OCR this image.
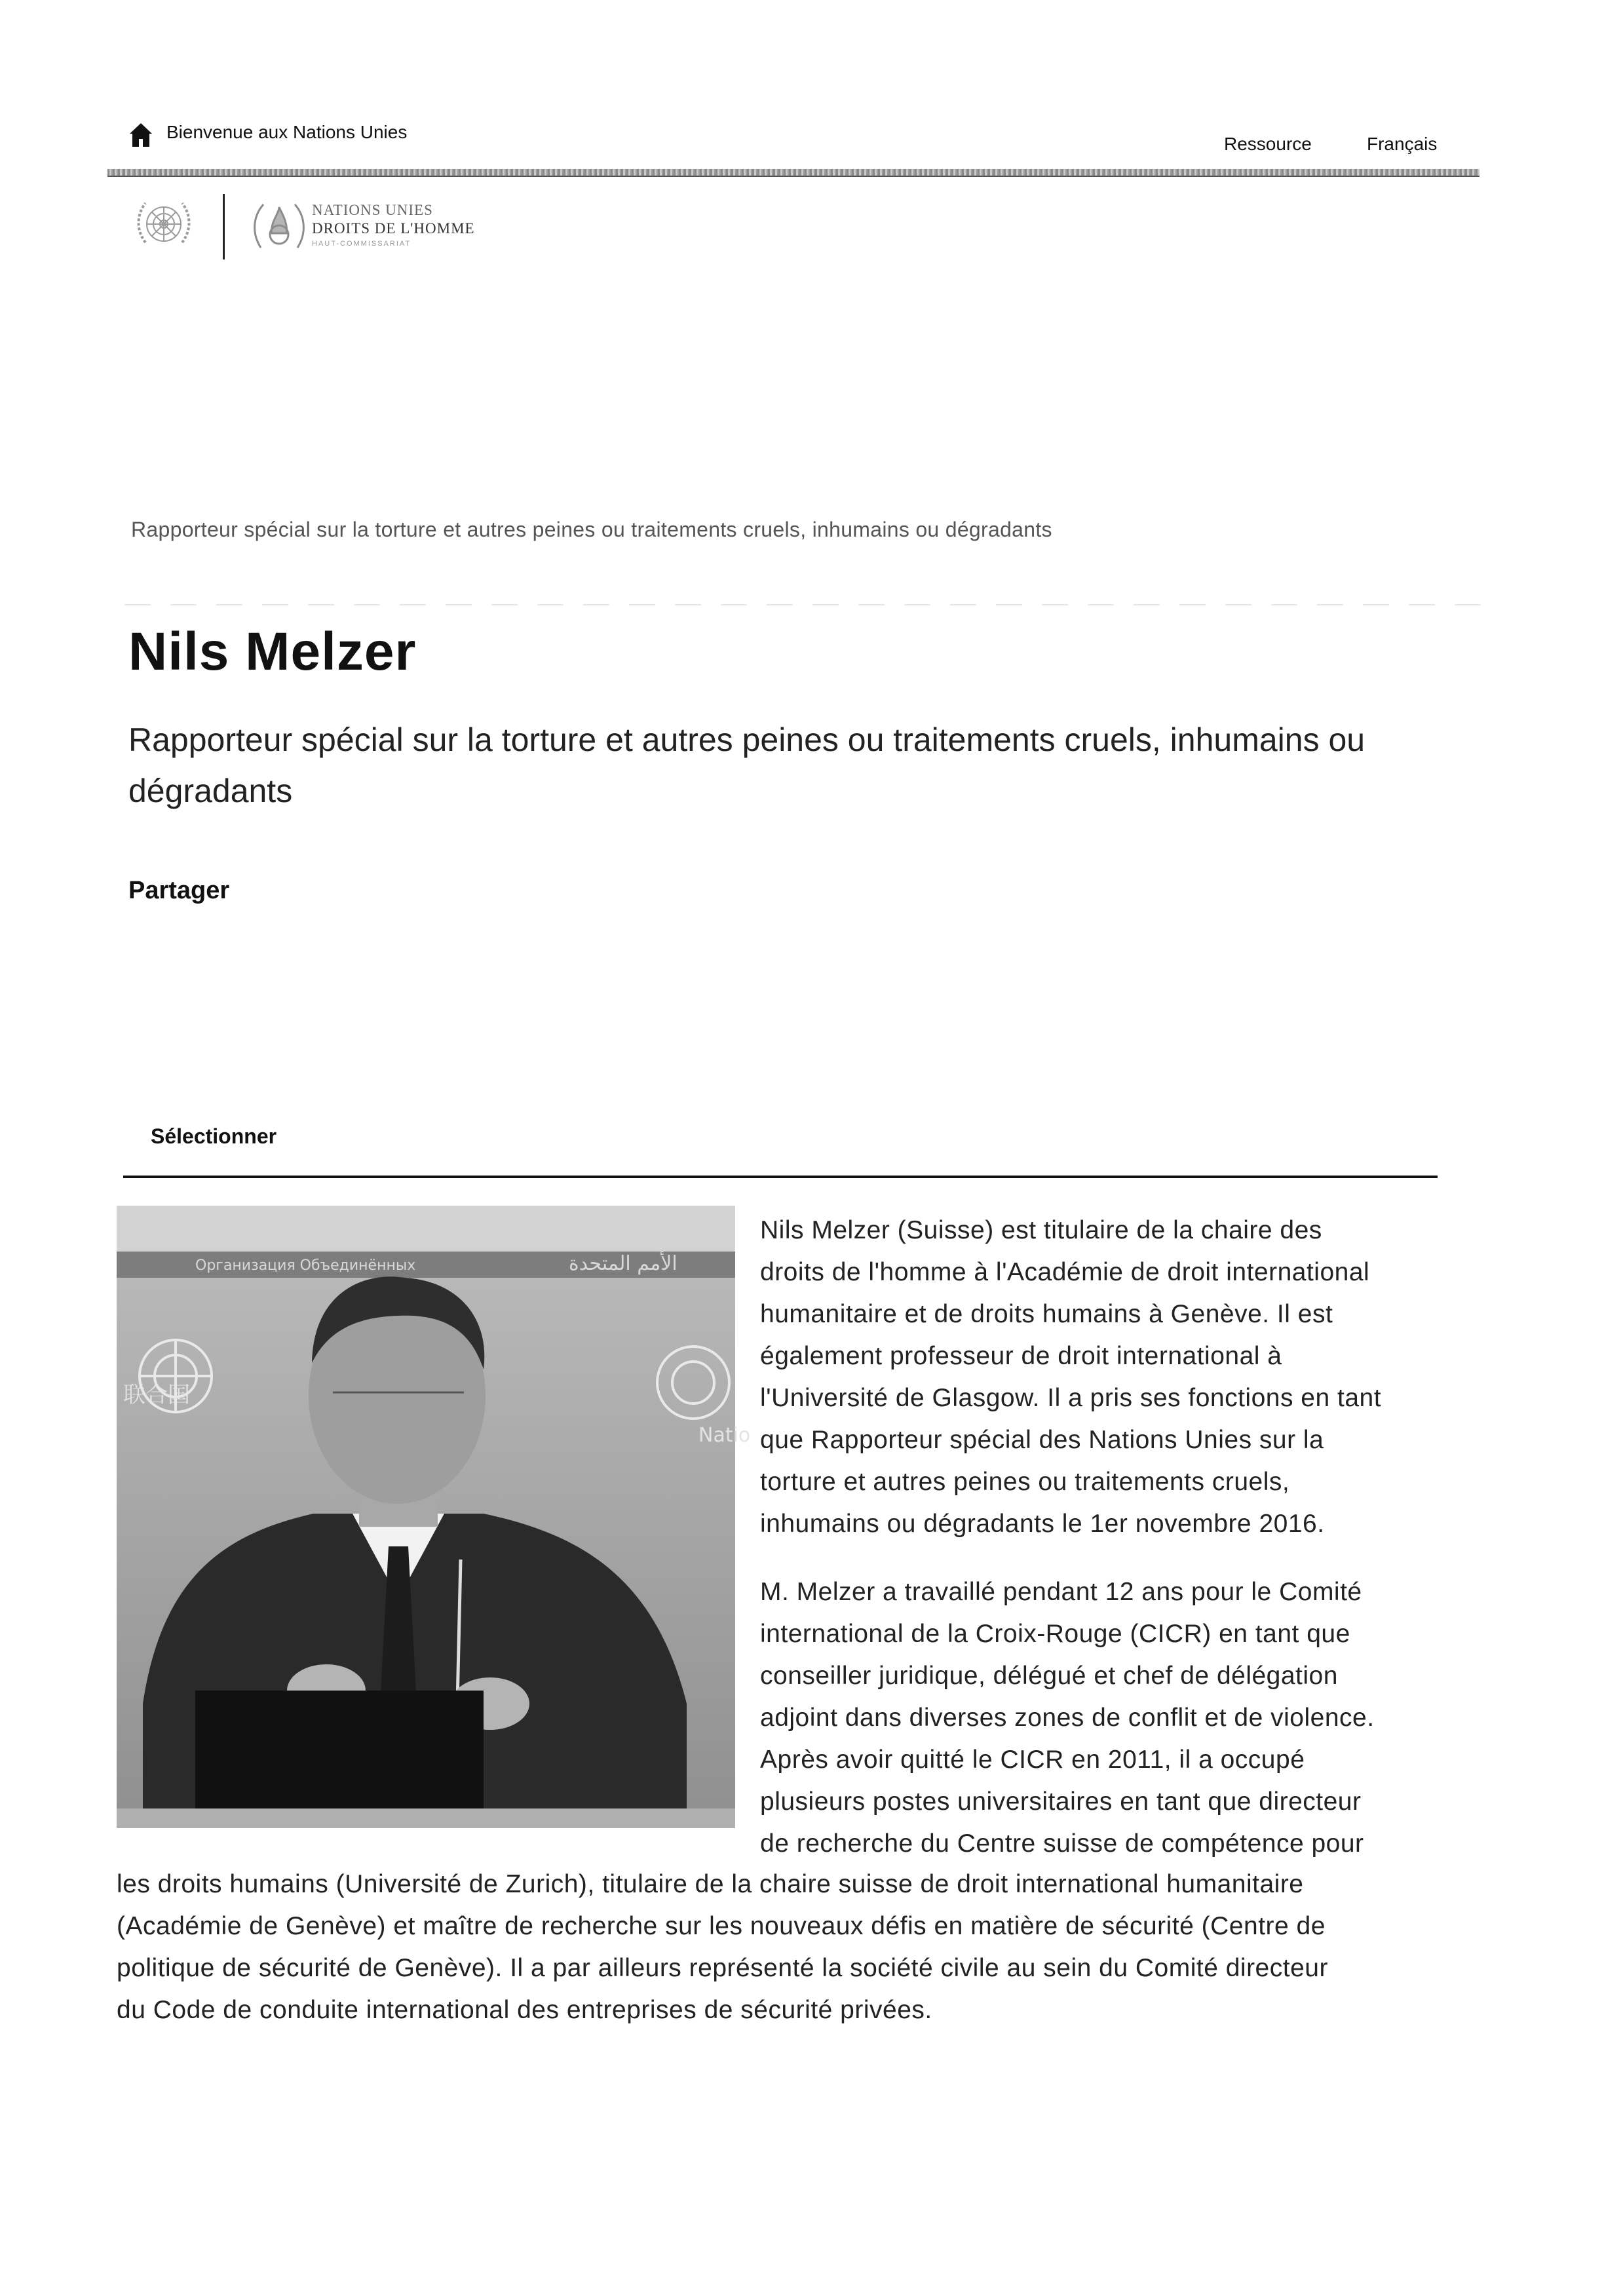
Bienvenue aux Nations Unies
Ressource	Français
NATIONS UNIES
DROITS DE L'HOMME
HAUT-COMMISSARIAT
Rapporteur spécial sur la torture et autres peines ou traitements cruels, inhumains ou dégradants
Nils Melzer
Rapporteur spécial sur la torture et autres peines ou traitements cruels, inhumains ou dégradants
Partager
Sélectionner
Организация Объединённых	الأمم المتحدة
联合国
Natio
Nils Melzer (Suisse) est titulaire de la chaire des
droits de l'homme à l'Académie de droit international
humanitaire et de droits humains à Genève. Il est
également professeur de droit international à
l'Université de Glasgow. Il a pris ses fonctions en tant
que Rapporteur spécial des Nations Unies sur la
torture et autres peines ou traitements cruels,
inhumains ou dégradants le 1er novembre 2016.
M. Melzer a travaillé pendant 12 ans pour le Comité
international de la Croix-Rouge (CICR) en tant que
conseiller juridique, délégué et chef de délégation
adjoint dans diverses zones de conflit et de violence.
Après avoir quitté le CICR en 2011, il a occupé
plusieurs postes universitaires en tant que directeur
de recherche du Centre suisse de compétence pour
les droits humains (Université de Zurich), titulaire de la chaire suisse de droit international humanitaire
(Académie de Genève) et maître de recherche sur les nouveaux défis en matière de sécurité (Centre de
politique de sécurité de Genève). Il a par ailleurs représenté la société civile au sein du Comité directeur
du Code de conduite international des entreprises de sécurité privées.
